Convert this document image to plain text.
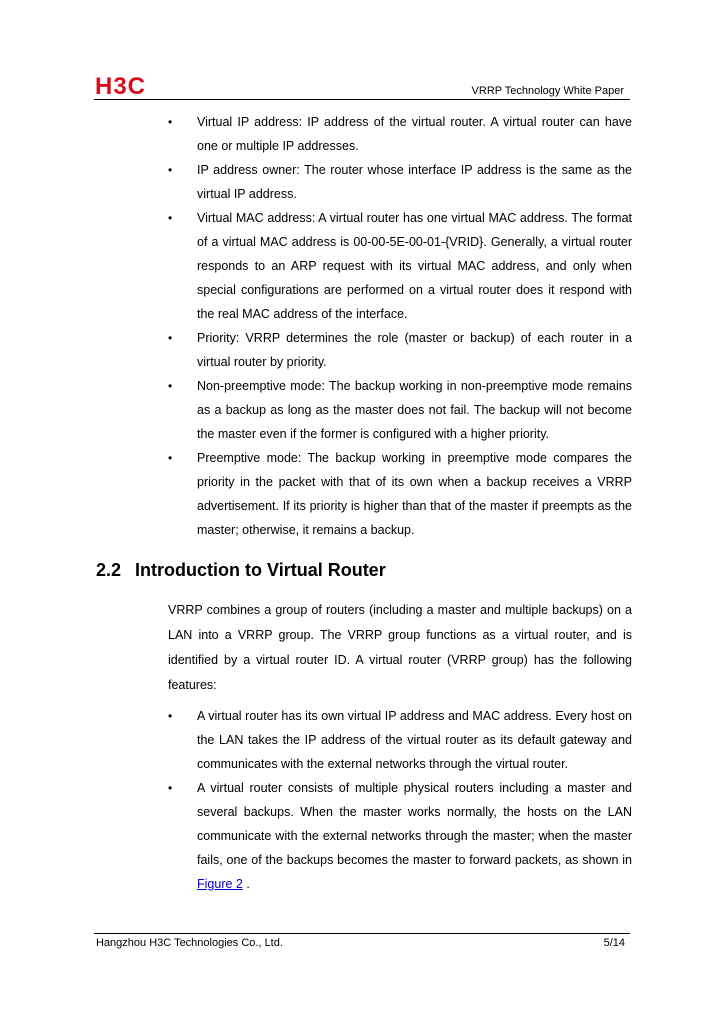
H3C	VRRP Technology White Paper
• Virtual IP address: IP address of the virtual router. A virtual router can have one or multiple IP addresses.
• IP address owner: The router whose interface IP address is the same as the virtual IP address.
• Virtual MAC address: A virtual router has one virtual MAC address. The format of a virtual MAC address is 00-00-5E-00-01-{VRID}. Generally, a virtual router responds to an ARP request with its virtual MAC address, and only when special configurations are performed on a virtual router does it respond with the real MAC address of the interface.
• Priority: VRRP determines the role (master or backup) of each router in a virtual router by priority.
• Non-preemptive mode: The backup working in non-preemptive mode remains as a backup as long as the master does not fail. The backup will not become the master even if the former is configured with a higher priority.
• Preemptive mode: The backup working in preemptive mode compares the priority in the packet with that of its own when a backup receives a VRRP advertisement. If its priority is higher than that of the master if preempts as the master; otherwise, it remains a backup.
2.2 Introduction to Virtual Router

VRRP combines a group of routers (including a master and multiple backups) on a LAN into a VRRP group. The VRRP group functions as a virtual router, and is identified by a virtual router ID. A virtual router (VRRP group) has the following features:

• A virtual router has its own virtual IP address and MAC address. Every host on the LAN takes the IP address of the virtual router as its default gateway and communicates with the external networks through the virtual router.
• A virtual router consists of multiple physical routers including a master and several backups. When the master works normally, the hosts on the LAN communicate with the external networks through the master; when the master fails, one of the backups becomes the master to forward packets, as shown in Figure 2 .
Hangzhou H3C Technologies Co., Ltd.	5/14
